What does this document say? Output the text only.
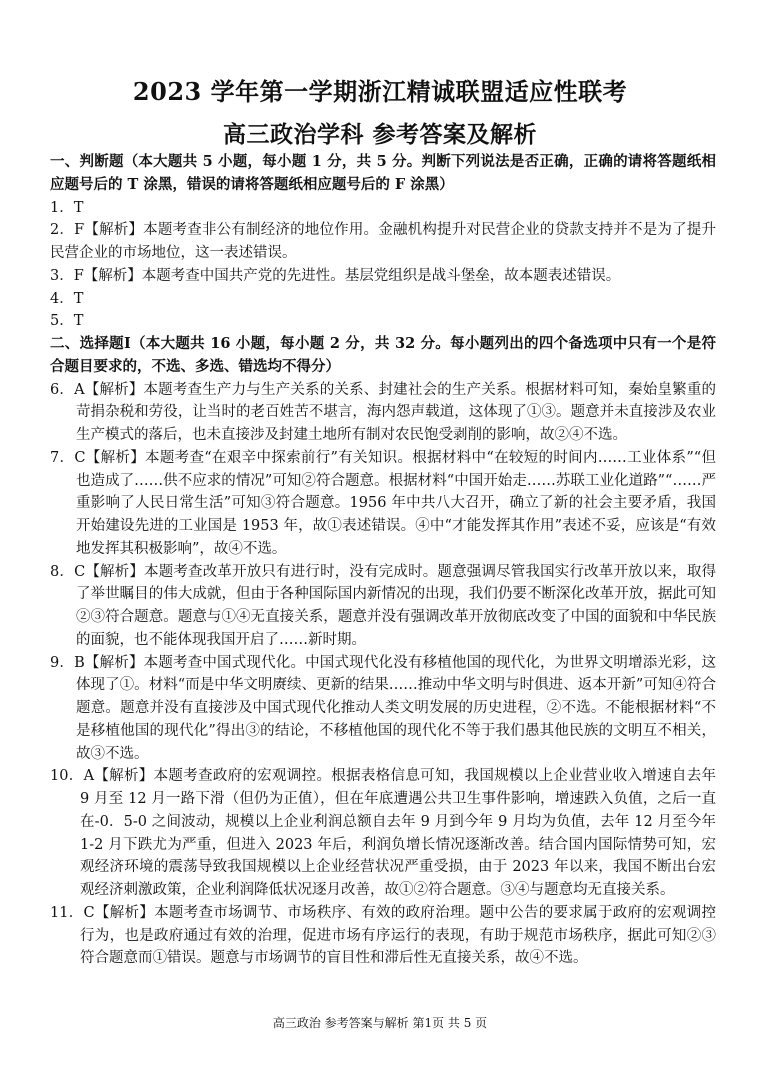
2023 学年第一学期浙江精诚联盟适应性联考
高三政治学科 参考答案及解析
一、判断题（本大题共 5 小题，每小题 1 分，共 5 分。判断下列说法是否正确，正确的请将答题纸相应题号后的 T 涂黑，错误的请将答题纸相应题号后的 F 涂黑）
1．T
2．F【解析】本题考查非公有制经济的地位作用。金融机构提升对民营企业的贷款支持并不是为了提升民营企业的市场地位，这一表述错误。
3．F【解析】本题考查中国共产党的先进性。基层党组织是战斗堡垒，故本题表述错误。
4．T
5．T
二、选择题Ⅰ（本大题共 16 小题，每小题 2 分，共 32 分。每小题列出的四个备选项中只有一个是符合题目要求的，不选、多选、错选均不得分）
6．A【解析】本题考查生产力与生产关系的关系、封建社会的生产关系。根据材料可知，秦始皇繁重的苛捐杂税和劳役，让当时的老百姓苦不堪言，海内怨声载道，这体现了①③。题意并未直接涉及农业生产模式的落后，也未直接涉及封建土地所有制对农民饱受剥削的影响，故②④不选。
7．C【解析】本题考查“在艰辛中探索前行”有关知识。根据材料中“在较短的时间内……工业体系”“但也造成了……供不应求的情况”可知②符合题意。根据材料“中国开始走……苏联工业化道路”“……严重影响了人民日常生活”可知③符合题意。1956 年中共八大召开，确立了新的社会主要矛盾，我国开始建设先进的工业国是 1953 年，故①表述错误。④中“才能发挥其作用”表述不妥，应该是“有效地发挥其积极影响”，故④不选。
8．C【解析】本题考查改革开放只有进行时，没有完成时。题意强调尽管我国实行改革开放以来，取得了举世瞩目的伟大成就，但由于各种国际国内新情况的出现，我们仍要不断深化改革开放，据此可知②③符合题意。题意与①④无直接关系，题意并没有强调改革开放彻底改变了中国的面貌和中华民族的面貌，也不能体现我国开启了……新时期。
9．B【解析】本题考查中国式现代化。中国式现代化没有移植他国的现代化，为世界文明增添光彩，这体现了①。材料“而是中华文明赓续、更新的结果……推动中华文明与时俱进、返本开新”可知④符合题意。题意并没有直接涉及中国式现代化推动人类文明发展的历史进程，②不选。不能根据材料“不是移植他国的现代化”得出③的结论，不移植他国的现代化不等于我们愚其他民族的文明互不相关，故③不选。
10．A【解析】本题考查政府的宏观调控。根据表格信息可知，我国规模以上企业营业收入增速自去年 9 月至 12 月一路下滑（但仍为正值），但在年底遭遇公共卫生事件影响，增速跌入负值，之后一直在-0．5-0 之间波动，规模以上企业利润总额自去年 9 月到今年 9 月均为负值，去年 12 月至今年 1-2 月下跌尤为严重，但进入 2023 年后，利润负增长情况逐渐改善。结合国内国际情势可知，宏观经济环境的震荡导致我国规模以上企业经营状况严重受损，由于 2023 年以来，我国不断出台宏观经济刺激政策，企业利润降低状况逐月改善，故①②符合题意。③④与题意均无直接关系。
11．C【解析】本题考查市场调节、市场秩序、有效的政府治理。题中公告的要求属于政府的宏观调控行为，也是政府通过有效的治理，促进市场有序运行的表现，有助于规范市场秩序，据此可知②③符合题意而①错误。题意与市场调节的盲目性和滞后性无直接关系，故④不选。
高三政治 参考答案与解析 第1页 共 5 页
